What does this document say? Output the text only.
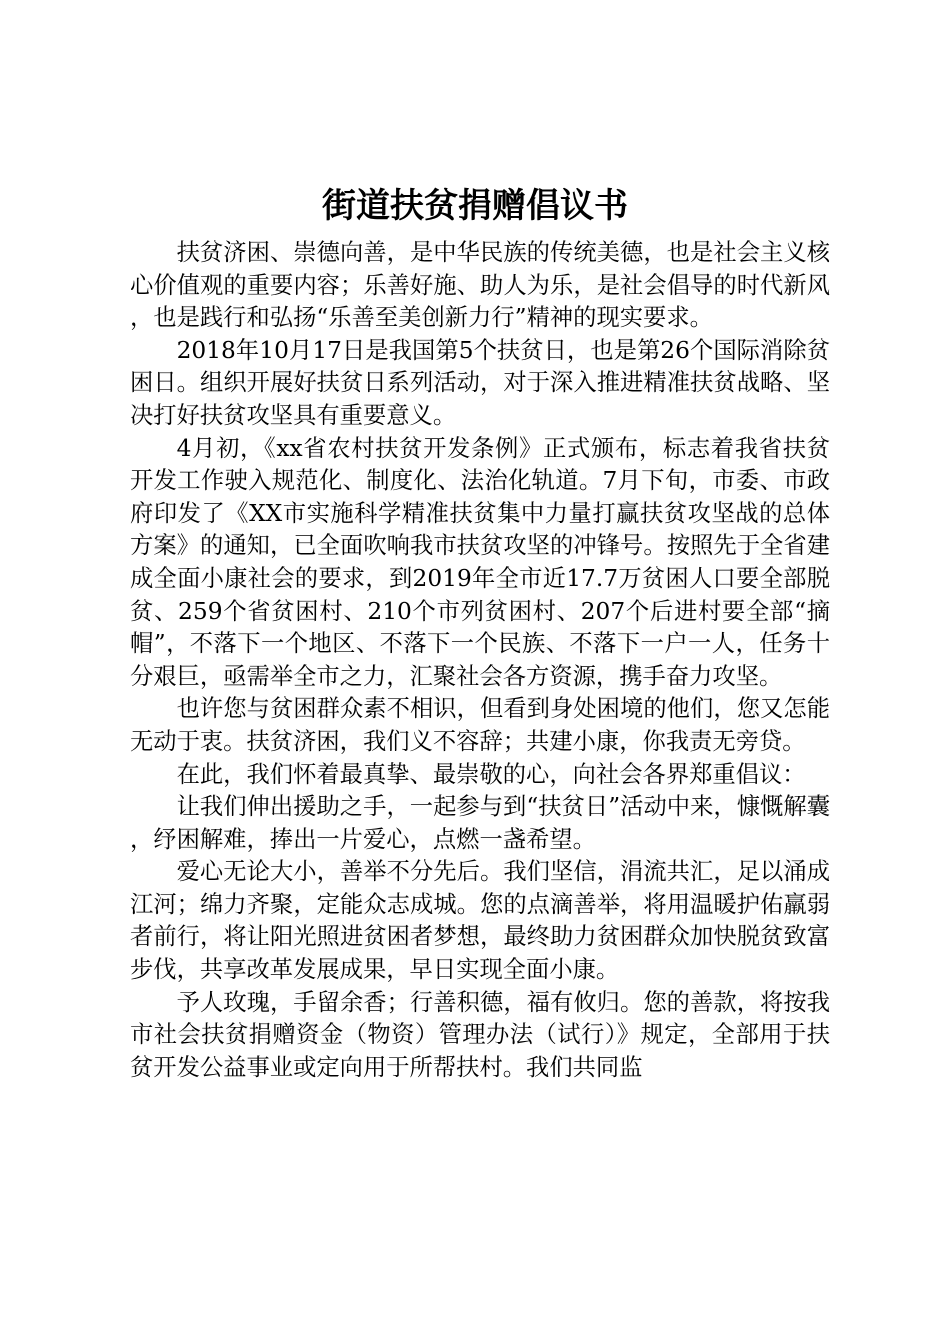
街道扶贫捐赠倡议书

扶贫济困、崇德向善，是中华民族的传统美德，也是社会主义核心价值观的重要内容；乐善好施、助人为乐，是社会倡导的时代新风，也是践行和弘扬“乐善至美创新力行”精神的现实要求。

2018年10月17日是我国第5个扶贫日，也是第26个国际消除贫困日。组织开展好扶贫日系列活动，对于深入推进精准扶贫战略、坚决打好扶贫攻坚具有重要意义。

4月初，《xx省农村扶贫开发条例》正式颁布，标志着我省扶贫开发工作驶入规范化、制度化、法治化轨道。7月下旬，市委、市政府印发了《XX市实施科学精准扶贫集中力量打赢扶贫攻坚战的总体方案》的通知，已全面吹响我市扶贫攻坚的冲锋号。按照先于全省建成全面小康社会的要求，到2019年全市近17.7万贫困人口要全部脱贫、259个省贫困村、210个市列贫困村、207个后进村要全部“摘帽”，不落下一个地区、不落下一个民族、不落下一户一人，任务十分艰巨，亟需举全市之力，汇聚社会各方资源，携手奋力攻坚。

也许您与贫困群众素不相识，但看到身处困境的他们，您又怎能无动于衷。扶贫济困，我们义不容辞；共建小康，你我责无旁贷。

在此，我们怀着最真挚、最崇敬的心，向社会各界郑重倡议：

让我们伸出援助之手，一起参与到“扶贫日”活动中来，慷慨解囊，纾困解难，捧出一片爱心，点燃一盏希望。

爱心无论大小，善举不分先后。我们坚信，涓流共汇，足以涌成江河；绵力齐聚，定能众志成城。您的点滴善举，将用温暖护佑羸弱者前行，将让阳光照进贫困者梦想，最终助力贫困群众加快脱贫致富步伐，共享改革发展成果，早日实现全面小康。

予人玫瑰，手留余香；行善积德，福有攸归。您的善款，将按我市社会扶贫捐赠资金（物资）管理办法（试行）》规定，全部用于扶贫开发公益事业或定向用于所帮扶村。我们共同监
